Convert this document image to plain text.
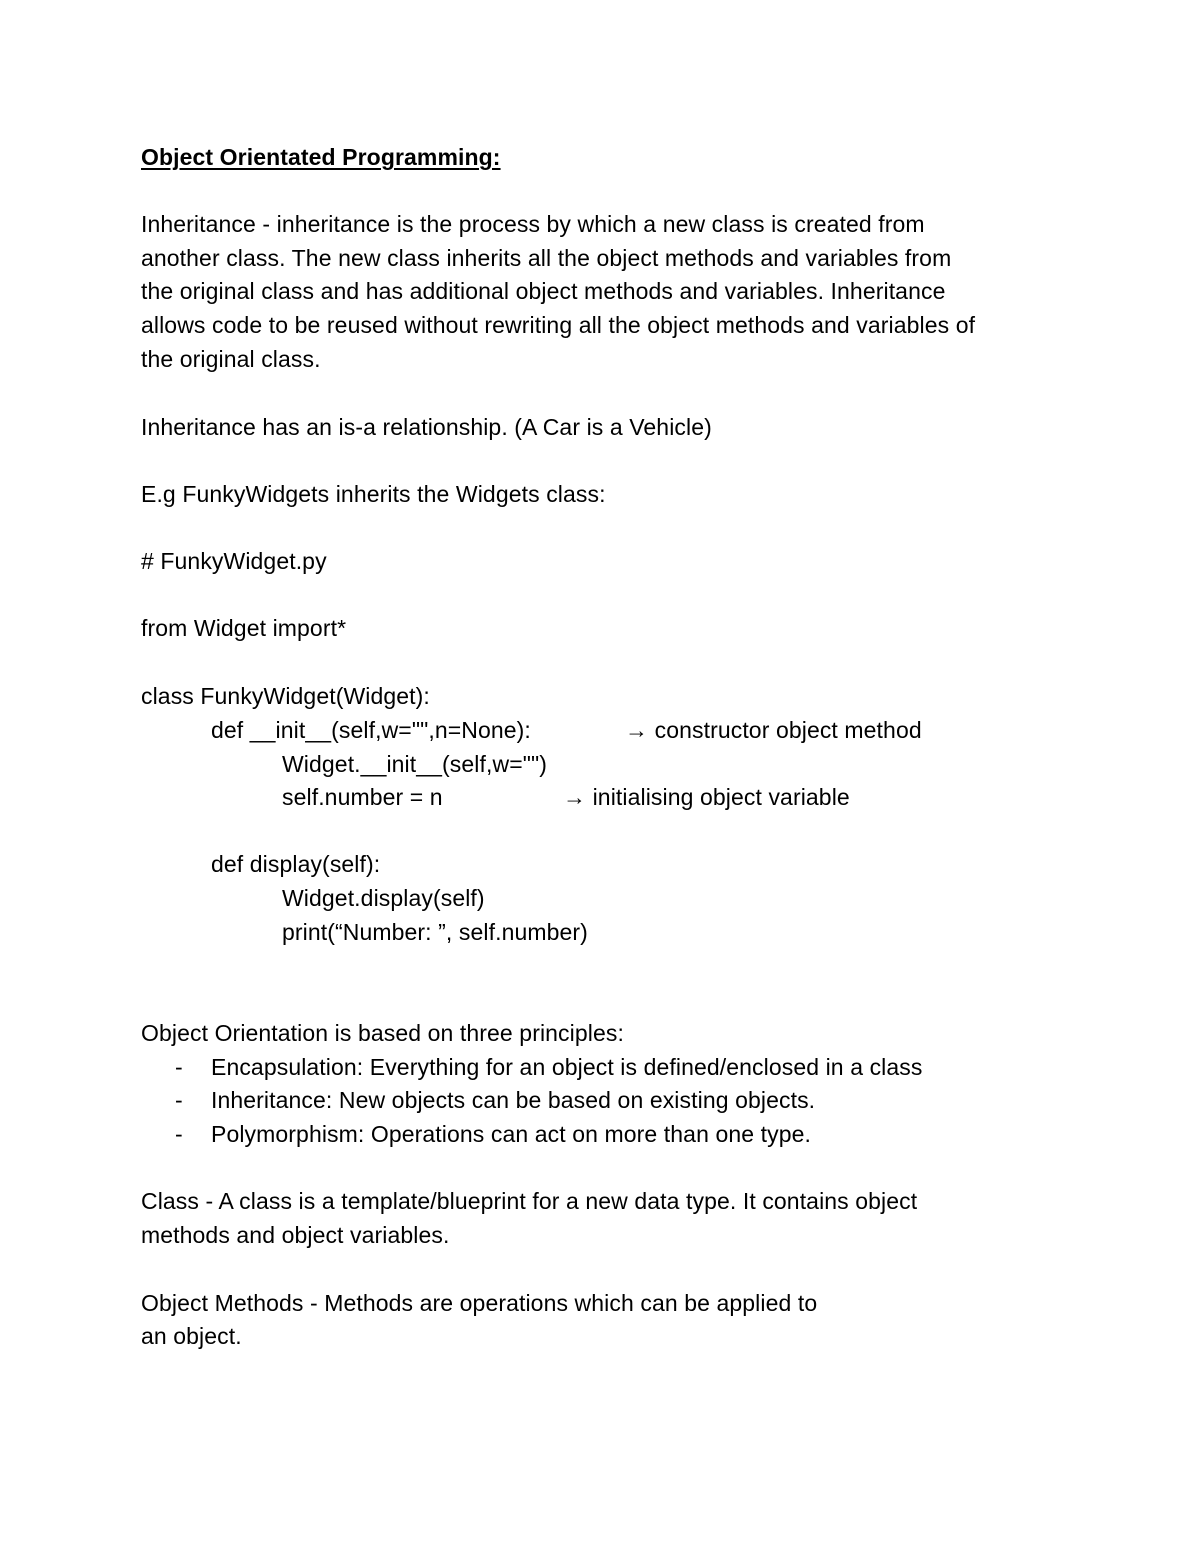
Object Orientated Programming:
Inheritance - inheritance is the process by which a new class is created from
another class. The new class inherits all the object methods and variables from
the original class and has additional object methods and variables. Inheritance
allows code to be reused without rewriting all the object methods and variables of
the original class.
Inheritance has an is-a relationship. (A Car is a Vehicle)
E.g FunkyWidgets inherits the Widgets class:
# FunkyWidget.py
from Widget import*
class FunkyWidget(Widget):
def __init__(self,w="",n=None):	→ constructor object method
Widget.__init__(self,w="")
self.number = n	→ initialising object variable
def display(self):
Widget.display(self)
print(“Number: ”, self.number)
Object Orientation is based on three principles:
- Encapsulation: Everything for an object is defined/enclosed in a class
- Inheritance: New objects can be based on existing objects.
- Polymorphism: Operations can act on more than one type.
Class - A class is a template/blueprint for a new data type. It contains object
methods and object variables.
Object Methods - Methods are operations which can be applied to
an object.
